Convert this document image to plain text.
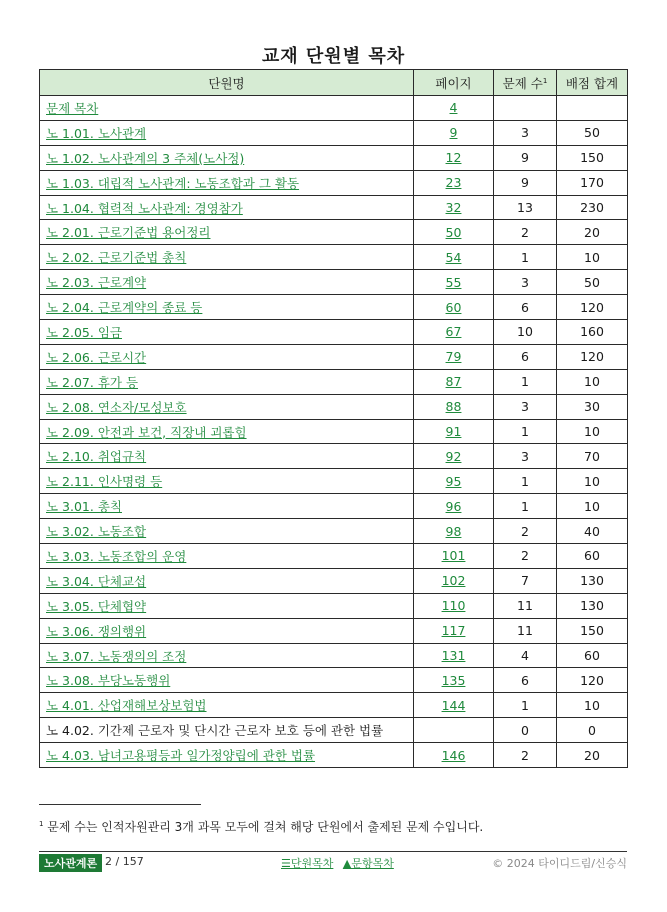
교재 단원별 목차
단원명	페이지	문제 수$^1$	배점 합계
문제 목차	4		
노 1.01. 노사관계	9	3	50
노 1.02. 노사관계의 3 주체(노사정)	12	9	150
노 1.03. 대립적 노사관계: 노동조합과 그 활동	23	9	170
노 1.04. 협력적 노사관계: 경영참가	32	13	230
노 2.01. 근로기준법 용어정리	50	2	20
노 2.02. 근로기준법 총칙	54	1	10
노 2.03. 근로계약	55	3	50
노 2.04. 근로계약의 종료 등	60	6	120
노 2.05. 임금	67	10	160
노 2.06. 근로시간	79	6	120
노 2.07. 휴가 등	87	1	10
노 2.08. 연소자/모성보호	88	3	30
노 2.09. 안전과 보건, 직장내 괴롭힘	91	1	10
노 2.10. 취업규칙	92	3	70
노 2.11. 인사명령 등	95	1	10
노 3.01. 총칙	96	1	10
노 3.02. 노동조합	98	2	40
노 3.03. 노동조합의 운영	101	2	60
노 3.04. 단체교섭	102	7	130
노 3.05. 단체협약	110	11	130
노 3.06. 쟁의행위	117	11	150
노 3.07. 노동쟁의의 조정	131	4	60
노 3.08. 부당노동행위	135	6	120
노 4.01. 산업재해보상보험법	144	1	10
노 4.02. 기간제 근로자 및 단시간 근로자 보호 등에 관한 법률		0	0
노 4.03. 남녀고용평등과 일가정양립에 관한 법률	146	2	20
$^1$ 문제 수는 인적자원관리 3개 과목 모두에 걸쳐 해당 단원에서 출제된 문제 수입니다.
노사관계론 2 / 157	☰단원목차 ▲문항목차	© 2024 타이디드림/신승식
